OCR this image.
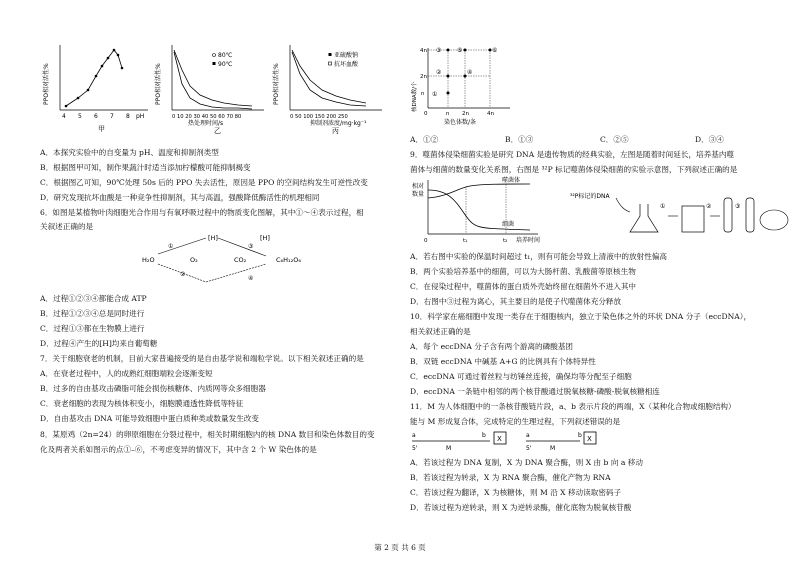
PPO相对活性%
4 5 6 7 8 pH
甲
PPO相对活性%
80℃
90℃
0 10 20 30 40 50 60 70 80
热处理时间/s
乙
PPO相对活性%
亚硫酸钠
抗坏血酸
0 50 100 150 200 250
抑制剂浓度/mg·kg⁻¹
丙
A．本探究实验中的自变量为 pH、温度和抑制剂类型
B．根据图甲可知，制作果蔬汁时适当添加柠檬酸可能抑制褐变
C．根据图乙可知，90℃处理 50s 后的 PPO 失去活性，原因是 PPO 的空间结构发生可逆性改变
D．研究发现抗坏血酸是一种竞争性抑制剂，其与高温，强酸降低酶活性的机理相同
6．如图是某植物叶肉细胞光合作用与有氧呼吸过程中的物质变化图解，其中①～④表示过程，相
关叙述正确的是
H₂O
[H]
O₂
[H]
CO₂	C₆H₁₂O₆
①
②
③
④
A．过程①②③④都能合成 ATP
B．过程①②③④总是同时进行
C．过程①③都在生物膜上进行
D．过程④产生的[H]均来自葡萄糖
7．关于细胞衰老的机制，目前大家普遍接受的是自由基学说和端粒学说。以下相关叙述正确的是
A．在衰老过程中，人的成熟红细胞端粒会逐渐变短
B．过多的自由基攻击磷脂可能会损伤核糖体、内质网等众多细胞器
C．衰老细胞的表现为核体积变小，细胞膜通透性降低等特征
D．自由基攻击 DNA 可能导致细胞中蛋白质种类或数量发生改变
8．某原鸡（2n=24）的卵原细胞在分裂过程中，相关时期细胞内的核 DNA 数目和染色体数目的变
化及两者关系如图示的点①–⑥，不考虑变异的情况下，其中含 2 个 W 染色体的是
核DNA数/个
4n
2n
n
0	n 2n	4n
染色体数/条
①
②
③
④
⑤	⑥
A．①②	B．①③	C．②⑤	D．③④
9．噬菌体侵染细菌实验是研究 DNA 是遗传物质的经典实验，左图是随着时间延长，培养基内噬
菌体与细菌的数量变化关系图，右图是 ³²P 标记噬菌体侵染细菌的实验示意图，下列叙述正确的是
相对
数量
噬菌体
细菌
0	t₁	t₂ 培养时间
³²P标记的DNA
①	②	③
A．若右图中实验的保温时间超过 t₁，则有可能会导致上清液中的放射性偏高
B．两个实验培养基中的细菌，可以为大肠杆菌、乳酸菌等原核生物
C．在侵染过程中，噬菌体的蛋白质外壳始终留在细菌外不进入其中
D．右图中③过程为离心，其主要目的是使子代噬菌体充分释放
10．科学家在癌细胞中发现一类存在于细胞核内，独立于染色体之外的环状 DNA 分子（eccDNA），
相关叙述正确的是
A．每个 eccDNA 分子含有两个游离的磷酸基团
B．双链 eccDNA 中碱基 A+G 的比例具有个体特异性
C．eccDNA 可通过着丝粒与纺锤丝连接，确保均等分配至子细胞
D．eccDNA 一条链中相邻的两个核苷酸通过脱氧核糖-磷酸-脱氧核糖相连
11．M 为人体细胞中的一条核苷酸链片段，a、b 表示片段的两端，X（某种化合物或细胞结构）
能与 M 形成复合体，完成特定的生理过程，下列叙述错误的是
a
5'	M
b X	a
5'	M
b X
A．若该过程为 DNA 复制，X 为 DNA 聚合酶，则 X 由 b 向 a 移动
B．若该过程为转录，X 为 RNA 聚合酶，催化产物为 RNA
C．若该过程为翻译，X 为核糖体，则 M 沿 X 移动读取密码子
D．若该过程为逆转录，则 X 为逆转录酶，催化底物为脱氧核苷酸
第 2 页 共 6 页
